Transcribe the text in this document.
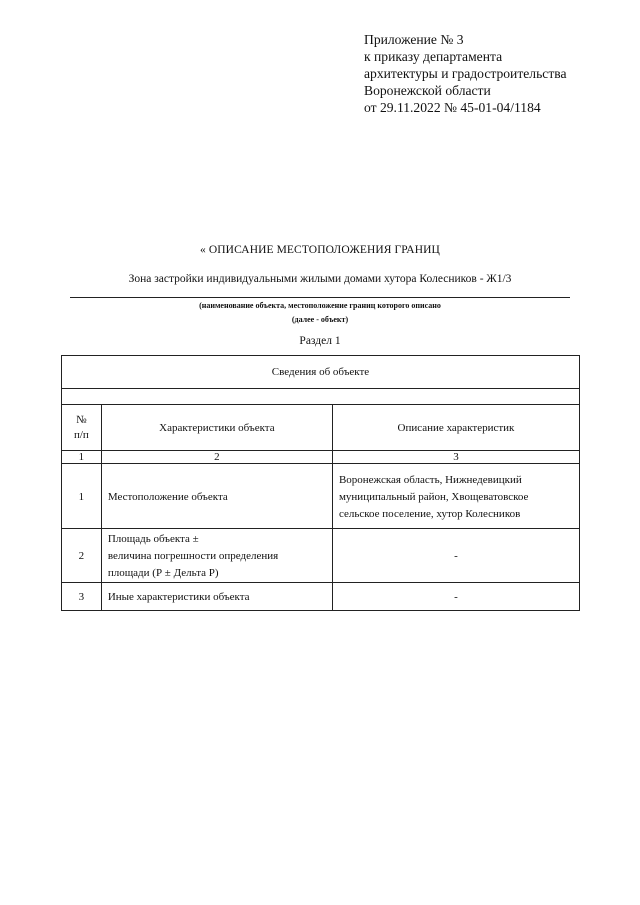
Приложение № 3
к приказу департамента
архитектуры и градостроительства
Воронежской области
от 29.11.2022 № 45-01-04/1184
« ОПИСАНИЕ МЕСТОПОЛОЖЕНИЯ ГРАНИЦ
Зона застройки индивидуальными жилыми домами хутора Колесников - Ж1/3
(наименование объекта, местоположение границ которого описано
(далее - объект)
Раздел 1
Сведения об объекте		

№
п/п	Характеристики объекта	Описание характеристик
1	2	3

1	Местоположение объекта	Воронежская область, Нижнедевицкий
муниципальный район, Хвощеватовское
сельское поселение, хутор Колесников

2	Площадь объекта ±
величина погрешности определения
площади (Р ± Дельта Р)	-

3	Иные характеристики объекта	-
